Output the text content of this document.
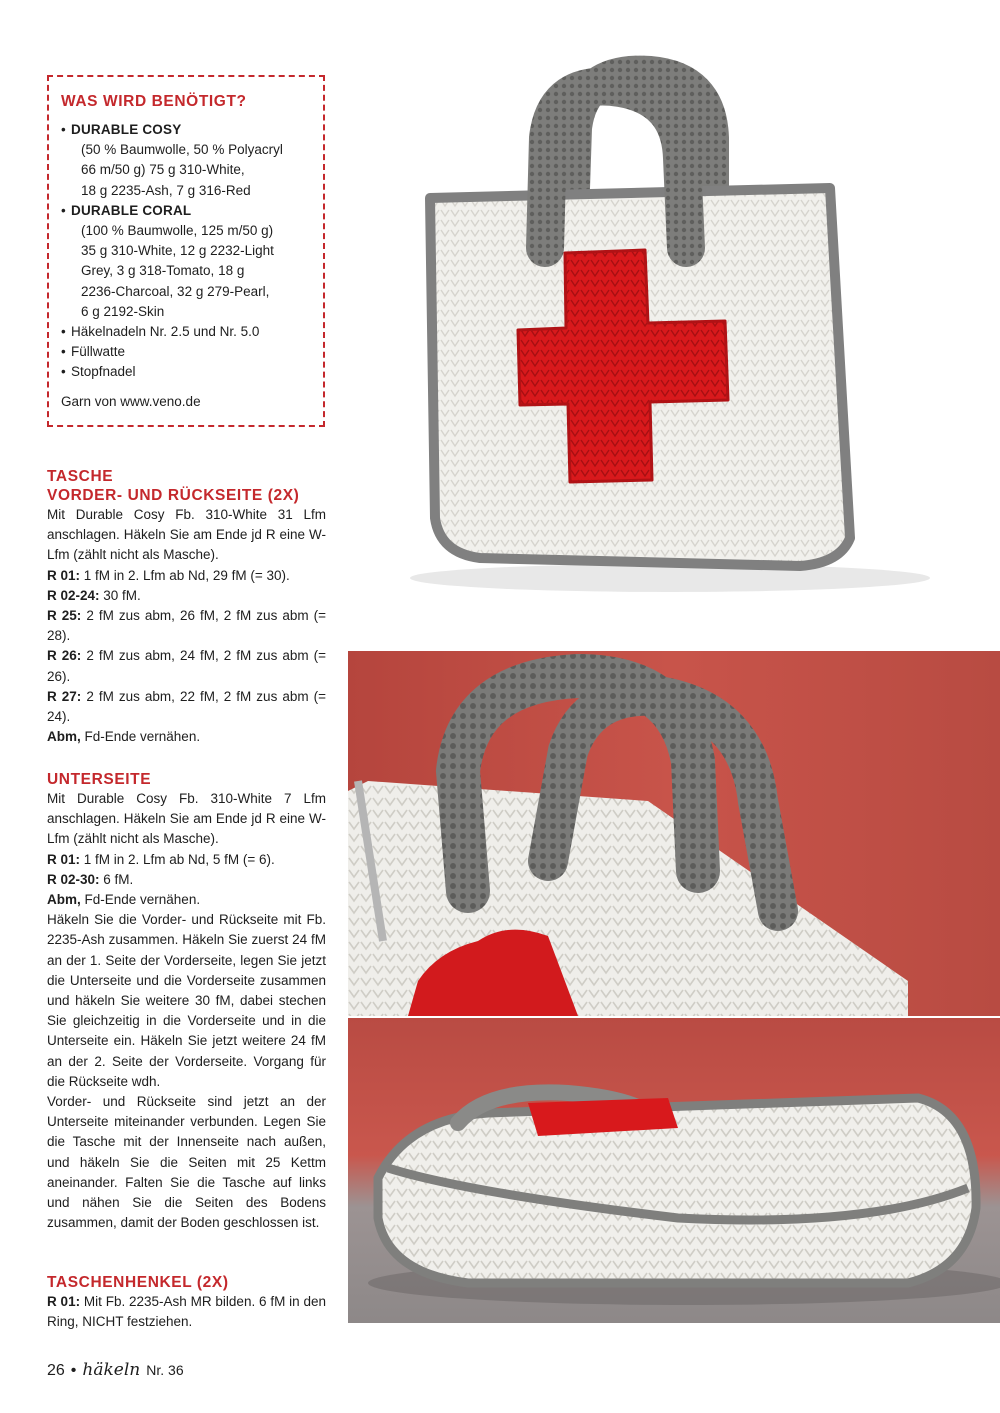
WAS WIRD BENÖTIGT?
• DURABLE COSY
(50 % Baumwolle, 50 % Polyacryl
66 m/50 g) 75 g 310-White,
18 g 2235-Ash, 7 g 316-Red
• DURABLE CORAL
(100 % Baumwolle, 125 m/50 g)
35 g 310-White, 12 g 2232-Light
Grey, 3 g 318-Tomato, 18 g
2236-Charcoal, 32 g 279-Pearl,
6 g 2192-Skin
• Häkelnadeln Nr. 2.5 und Nr. 5.0
• Füllwatte
• Stopfnadel
Garn von www.veno.de
TASCHE
VORDER- UND RÜCKSEITE (2X)

Mit Durable Cosy Fb. 310-White 31 Lfm anschlagen. Häkeln Sie am Ende jd R eine W-Lfm (zählt nicht als Masche).

R 01: 1 fM in 2. Lfm ab Nd, 29 fM (= 30).

R 02-24: 30 fM.

R 25: 2 fM zus abm, 26 fM, 2 fM zus abm (= 28).

R 26: 2 fM zus abm, 24 fM, 2 fM zus abm (= 26).

R 27: 2 fM zus abm, 22 fM, 2 fM zus abm (= 24).

Abm, Fd-Ende vernähen.

UNTERSEITE

Mit Durable Cosy Fb. 310-White 7 Lfm anschlagen. Häkeln Sie am Ende jd R eine W-Lfm (zählt nicht als Masche).

R 01: 1 fM in 2. Lfm ab Nd, 5 fM (= 6).

R 02-30: 6 fM.

Abm, Fd-Ende vernähen.

Häkeln Sie die Vorder- und Rückseite mit Fb. 2235-Ash zusammen. Häkeln Sie zuerst 24 fM an der 1. Seite der Vorderseite, legen Sie jetzt die Unterseite und die Vorderseite zusammen und häkeln Sie weitere 30 fM, dabei stechen Sie gleichzeitig in die Vorderseite und in die Unterseite ein. Häkeln Sie jetzt weitere 24 fM an der 2. Seite der Vorderseite. Vorgang für die Rückseite wdh.

Vorder- und Rückseite sind jetzt an der Unterseite miteinander verbunden. Legen Sie die Tasche mit der Innenseite nach außen, und häkeln Sie die Seiten mit 25 Kettm aneinander. Falten Sie die Tasche auf links und nähen Sie die Seiten des Bodens zusammen, damit der Boden geschlossen ist.

TASCHENHENKEL (2X)

R 01: Mit Fb. 2235-Ash MR bilden. 6 fM in den Ring, NICHT festziehen.

26 • häkeln Nr. 36
